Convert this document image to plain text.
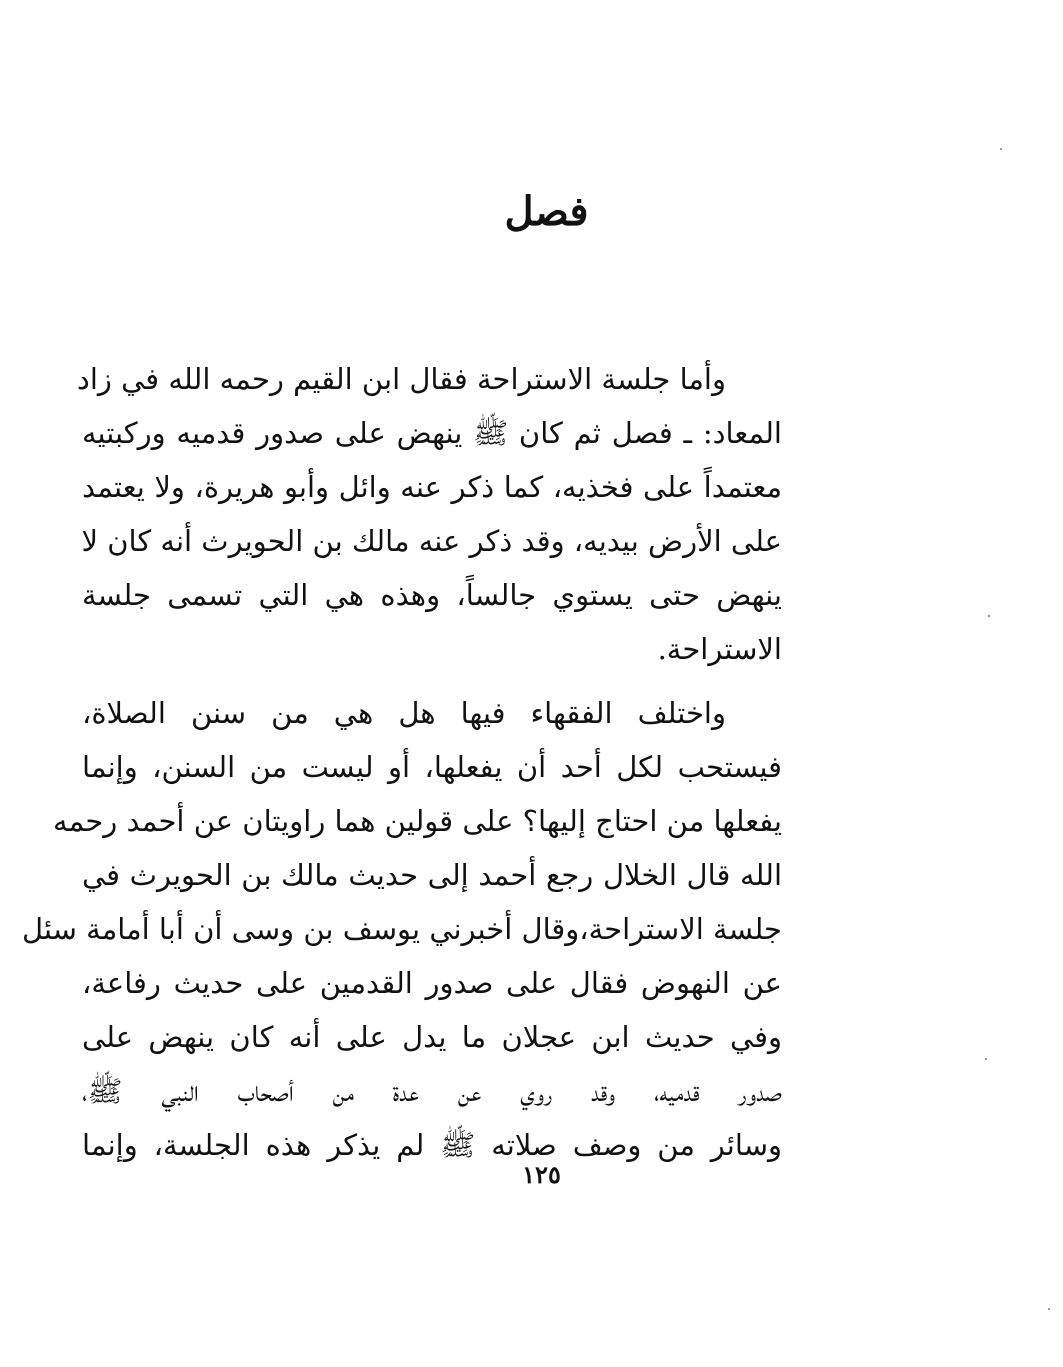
فصل
وأما جلسة الاستراحة فقال ابن القيم رحمه الله في زاد
المعاد: ـ فصل ثم كان ﷺ ينهض على صدور قدميه وركبتيه
معتمداً على فخذيه، كما ذكر عنه وائل وأبو هريرة، ولا يعتمد
على الأرض بيديه، وقد ذكر عنه مالك بن الحويرث أنه كان لا
ينهض حتى يستوي جالساً، وهذه هي التي تسمى جلسة
الاستراحة.
واختلف الفقهاء فيها هل هي من سنن الصلاة،
فيستحب لكل أحد أن يفعلها، أو ليست من السنن، وإنما
يفعلها من احتاج إليها؟ على قولين هما راويتان عن أحمد رحمه
الله قال الخلال رجع أحمد إلى حديث مالك بن الحويرث في
جلسة الاستراحة،وقال أخبرني يوسف بن وسى أن أبا أمامة سئل
عن النهوض فقال على صدور القدمين على حديث رفاعة،
وفي حديث ابن عجلان ما يدل على أنه كان ينهض على
صدور قدميه، وقد روي عن عدة من أصحاب النبي ﷺ،
وسائر من وصف صلاته ﷺ لم يذكر هذه الجلسة، وإنما
١٢٥
